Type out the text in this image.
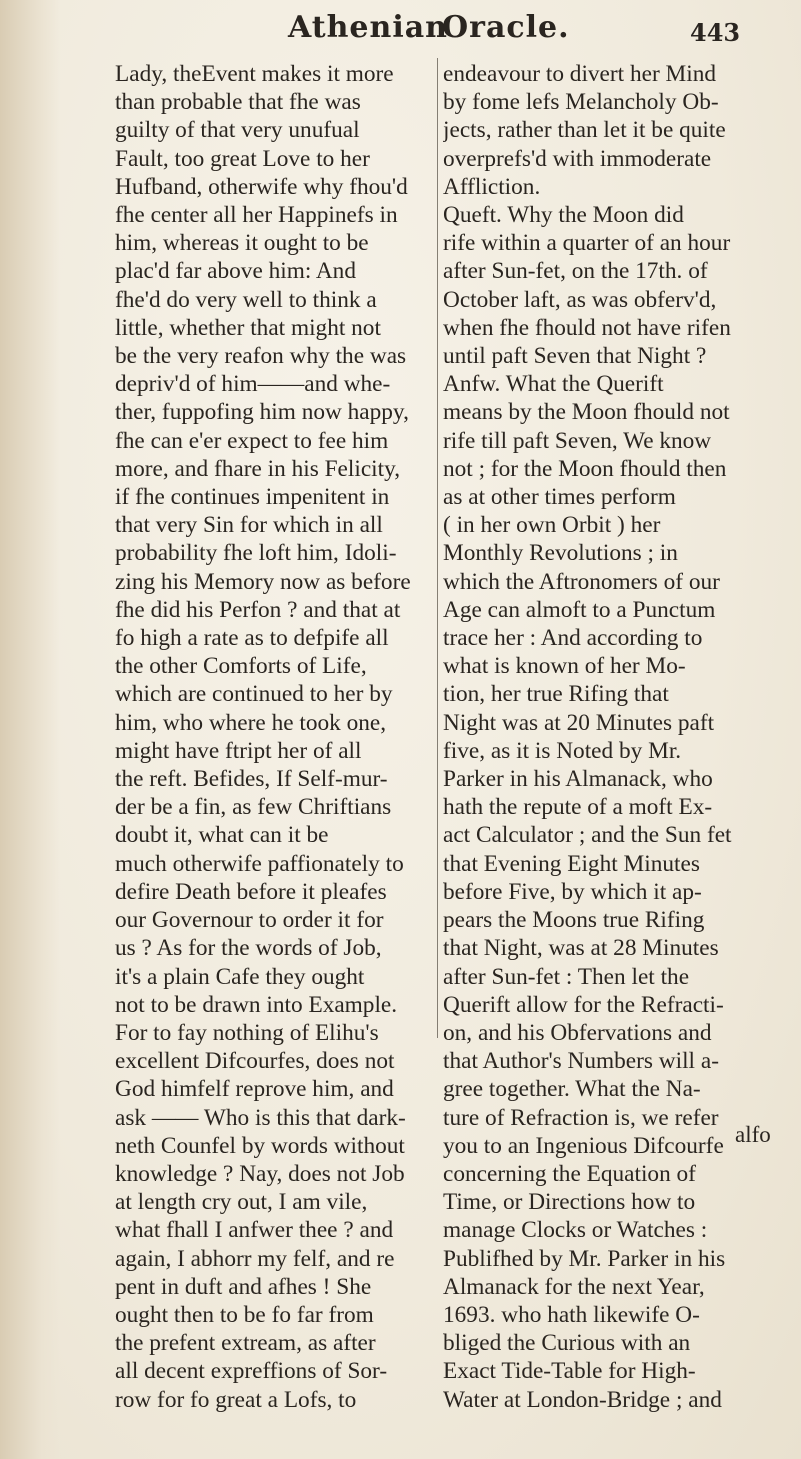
Athenian
Oracle.	443
Lady, theEvent makes it more
than probable that fhe was
guilty of that very unufual
Fault, too great Love to her
Hufband, otherwife why fhou'd
fhe center all her Happinefs in
him, whereas it ought to be
plac'd far above him: And
fhe'd do very well to think a
little, whether that might not
be the very reafon why the was
depriv'd of him——and whe-
ther, fuppofing him now happy,
fhe can e'er expect to fee him
more, and fhare in his Felicity,
if fhe continues impenitent in
that very Sin for which in all
probability fhe loft him, Idoli-
zing his Memory now as before
fhe did his Perfon ? and that at
fo high a rate as to defpife all
the other Comforts of Life,
which are continued to her by
him, who where he took one,
might have ftript her of all
the reft. Befides, If Self-mur-
der be a fin, as few Chriftians
doubt it, what can it be
much otherwife paffionately to
defire Death before it pleafes
our Governour to order it for
us ? As for the words of Job,
it's a plain Cafe they ought
not to be drawn into Example.
For to fay nothing of Elihu's
excellent Difcourfes, does not
God himfelf reprove him, and
ask —— Who is this that dark-
neth Counfel by words without
knowledge ? Nay, does not Job
at length cry out, I am vile,
what fhall I anfwer thee ? and
again, I abhorr my felf, and re
pent in duft and afhes ! She
ought then to be fo far from
the prefent extream, as after
all decent expreffions of Sor-
row for fo great a Lofs, to
endeavour to divert her Mind
by fome lefs Melancholy Ob-
jects, rather than let it be quite
overprefs'd with immoderate
Affliction.
Queft. Why the Moon did
rife within a quarter of an hour
after Sun-fet, on the 17th. of
October laft, as was obferv'd,
when fhe fhould not have rifen
until paft Seven that Night ?
Anfw. What the Querift
means by the Moon fhould not
rife till paft Seven, We know
not ; for the Moon fhould then
as at other times perform
( in her own Orbit ) her
Monthly Revolutions ; in
which the Aftronomers of our
Age can almoft to a Punctum
trace her : And according to
what is known of her Mo-
tion, her true Rifing that
Night was at 20 Minutes paft
five, as it is Noted by Mr.
Parker in his Almanack, who
hath the repute of a moft Ex-
act Calculator ; and the Sun fet
that Evening Eight Minutes
before Five, by which it ap-
pears the Moons true Rifing
that Night, was at 28 Minutes
after Sun-fet : Then let the
Querift allow for the Refracti-
on, and his Obfervations and
that Author's Numbers will a-
gree together. What the Na-
ture of Refraction is, we refer
you to an Ingenious Difcourfe
concerning the Equation of
Time, or Directions how to
manage Clocks or Watches :
Publifhed by Mr. Parker in his
Almanack for the next Year,
1693. who hath likewife O-
bliged the Curious with an
Exact Tide-Table for High-
Water at London-Bridge ; and
alfo
